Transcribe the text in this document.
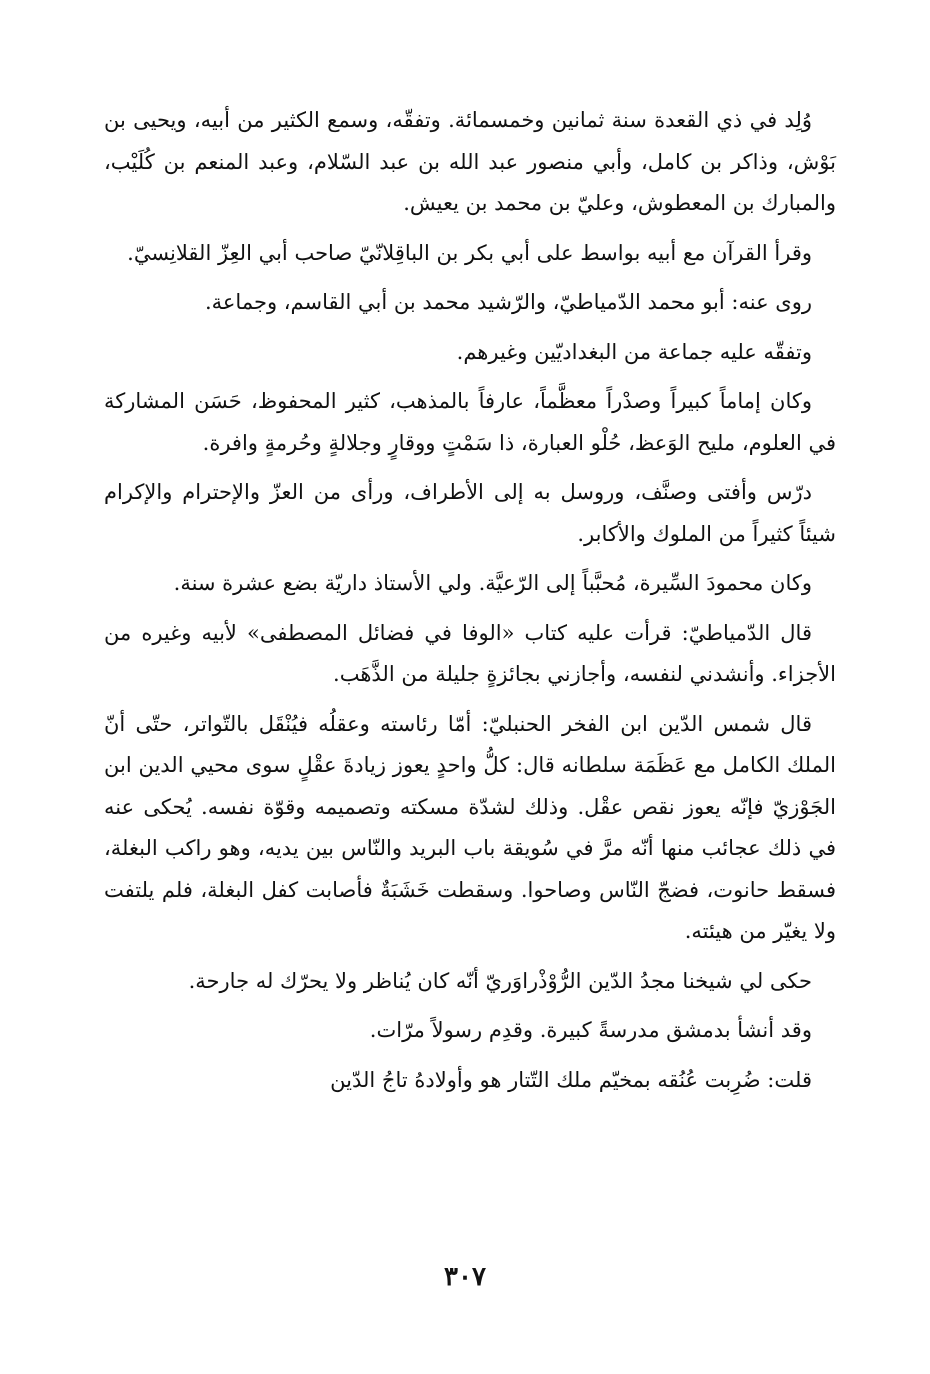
وُلِد في ذي القعدة سنة ثمانين وخمسمائة. وتفقّه، وسمع الكثير من أبيه، ويحيى بن بَوْش، وذاكر بن كامل، وأبي منصور عبد الله بن عبد السّلام، وعبد المنعم بن كُلَيْب، والمبارك بن المعطوش، وعليّ بن محمد بن يعيش.

وقرأ القرآن مع أبيه بواسط على أبي بكر بن الباقِلانّيّ صاحب أبي العِزّ القلانِسيّ.

روى عنه: أبو محمد الدّمياطيّ، والرّشيد محمد بن أبي القاسم، وجماعة.

وتفقّه عليه جماعة من البغداديّين وغيرهم.

وكان إماماً كبيراً وصدْراً معظَّماً، عارفاً بالمذهب، كثير المحفوظ، حَسَن المشاركة في العلوم، مليح الوَعظ، حُلْو العبارة، ذا سَمْتٍ ووقارٍ وجلالةٍ وحُرمةٍ وافرة.

درّس وأفتى وصنَّف، وروسل به إلى الأطراف، ورأى من العزّ والإحترام والإكرام شيئاً كثيراً من الملوك والأكابر.

وكان محمودَ السِّيرة، مُحبَّباً إلى الرّعيَّة. ولي الأستاذ داريّة بضع عشرة سنة.

قال الدّمياطيّ: قرأت عليه كتاب «الوفا في فضائل المصطفى» لأبيه وغيره من الأجزاء. وأنشدني لنفسه، وأجازني بجائزةٍ جليلة من الذَّهَب.

قال شمس الدّين ابن الفخر الحنبليّ: أمّا رئاسته وعقلُه فيُنْقَل بالتّواتر، حتّى أنّ الملك الكامل مع عَظَمَة سلطانه قال: كلُّ واحدٍ يعوز زيادةَ عقْلٍ سوى محيي الدين ابن الجَوْزيّ فإنّه يعوز نقص عقْل. وذلك لشدّة مسكته وتصميمه وقوّة نفسه. يُحكى عنه في ذلك عجائب منها أنّه مرَّ في سُويقة باب البريد والنّاس بين يديه، وهو راكب البغلة، فسقط حانوت، فضجّ النّاس وصاحوا. وسقطت خَشَبَةٌ فأصابت كفل البغلة، فلم يلتفت ولا يغيّر من هيئته.

حكى لي شيخنا مجدُ الدّين الرُّوْذْراوَريّ أنّه كان يُناظر ولا يحرّك له جارحة.

وقد أنشأ بدمشق مدرسةً كبيرة. وقدِم رسولاً مرّات.

قلت: ضُرِبت عُنُقه بمخيّم ملك التّتار هو وأولادهُ تاجُ الدّين

٣٠٧
